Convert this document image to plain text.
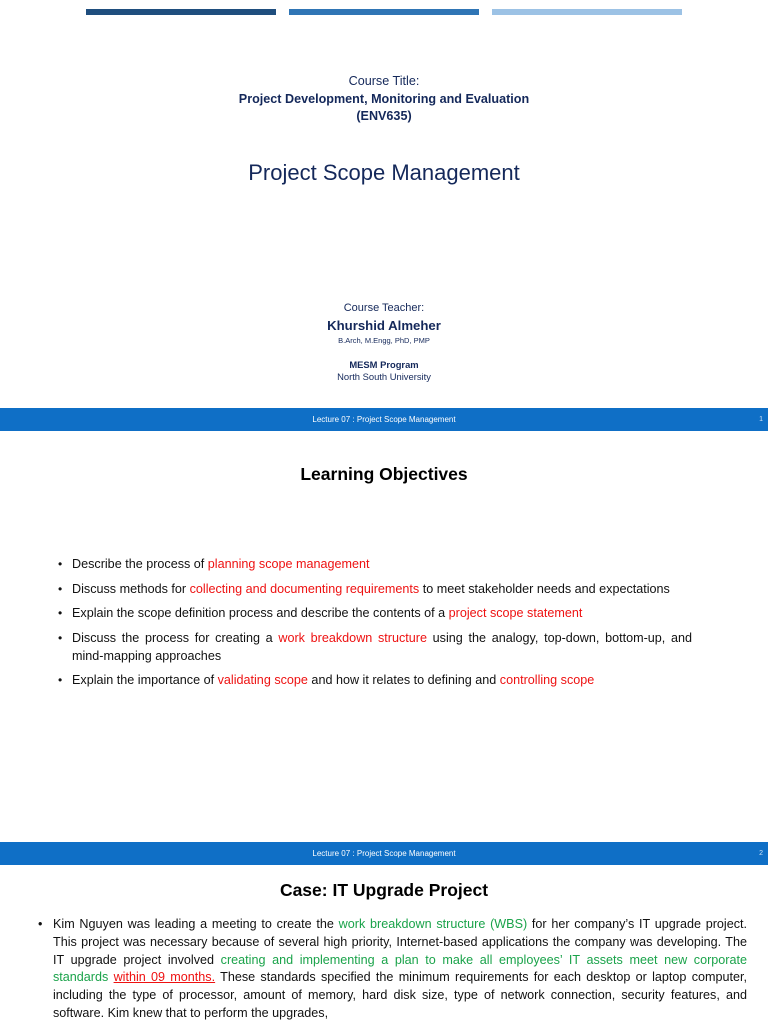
Course Title:
Project Development, Monitoring and Evaluation
(ENV635)
Project Scope Management
Course Teacher:
Khurshid Almeher
B.Arch, M.Engg, PhD, PMP
MESM Program
North South University
Lecture 07 : Project Scope Management	1
Learning Objectives
• Describe the process of planning scope management
• Discuss methods for collecting and documenting requirements to meet stakeholder needs and expectations
• Explain the scope definition process and describe the contents of a project scope statement
• Discuss the process for creating a work breakdown structure using the analogy, top-down, bottom-up, and mind-mapping approaches
• Explain the importance of validating scope and how it relates to defining and controlling scope
Lecture 07 : Project Scope Management	2
Case: IT Upgrade Project

• Kim Nguyen was leading a meeting to create the work breakdown structure (WBS) for her company’s IT upgrade project. This project was necessary because of several high priority, Internet-based applications the company was developing. The IT upgrade project involved creating and implementing a plan to make all employees’ IT assets meet new corporate standards within 09 months. These standards specified the minimum requirements for each desktop or laptop computer, including the type of processor, amount of memory, hard disk size, type of network connection, security features, and software. Kim knew that to perform the upgrades,
